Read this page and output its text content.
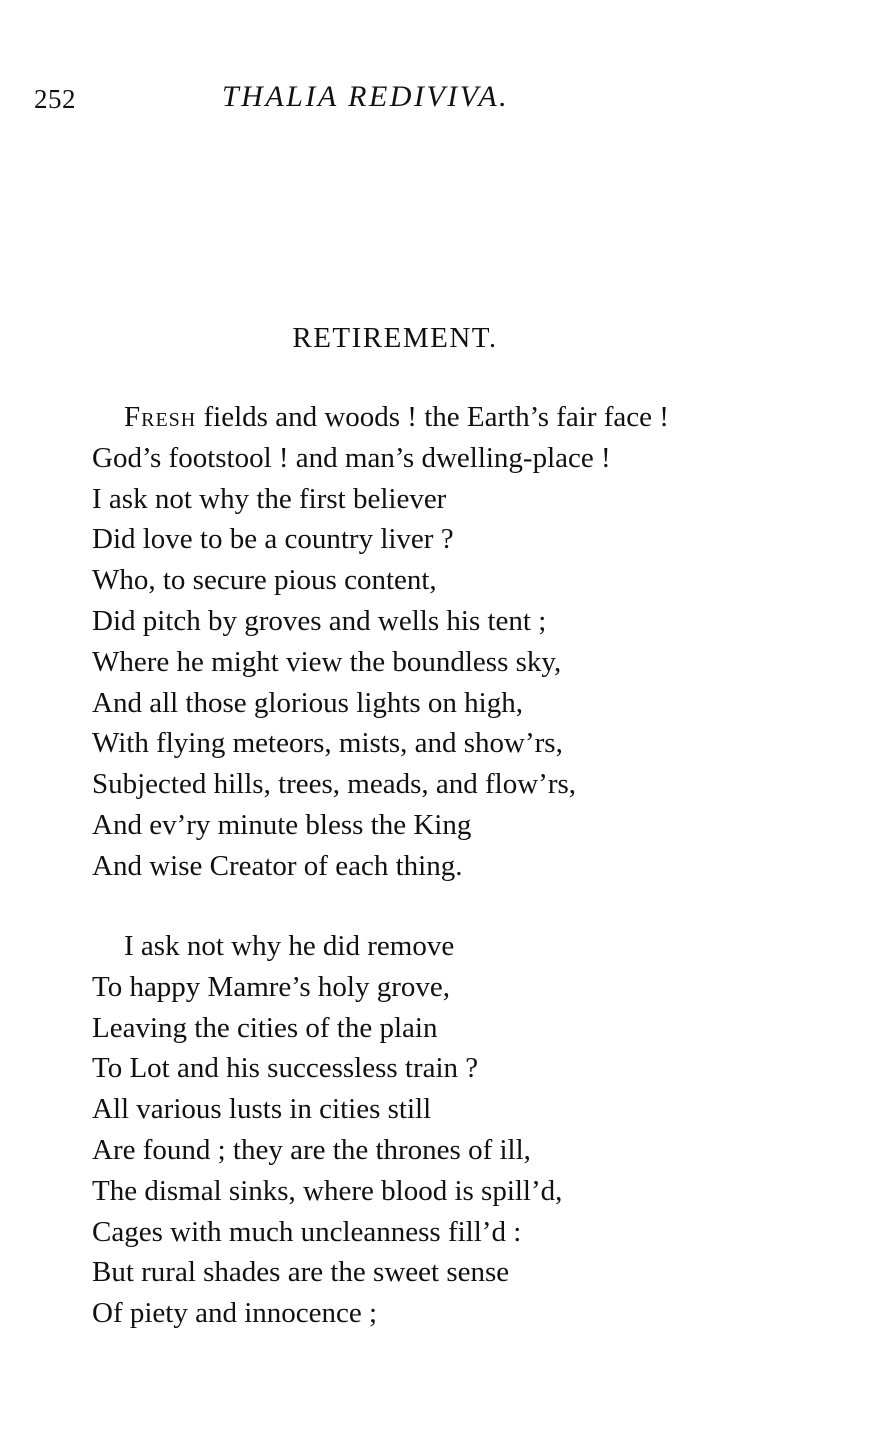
252	THALIA REDIVIVA.
RETIREMENT.
Fresh fields and woods ! the Earth’s fair face !
God’s footstool ! and man’s dwelling-place !
I ask not why the first believer
Did love to be a country liver ?
Who, to secure pious content,
Did pitch by groves and wells his tent ;
Where he might view the boundless sky,
And all those glorious lights on high,
With flying meteors, mists, and show’rs,
Subjected hills, trees, meads, and flow’rs,
And ev’ry minute bless the King
And wise Creator of each thing.
I ask not why he did remove
To happy Mamre’s holy grove,
Leaving the cities of the plain
To Lot and his successless train ?
All various lusts in cities still
Are found ; they are the thrones of ill,
The dismal sinks, where blood is spill’d,
Cages with much uncleanness fill’d :
But rural shades are the sweet sense
Of piety and innocence ;
